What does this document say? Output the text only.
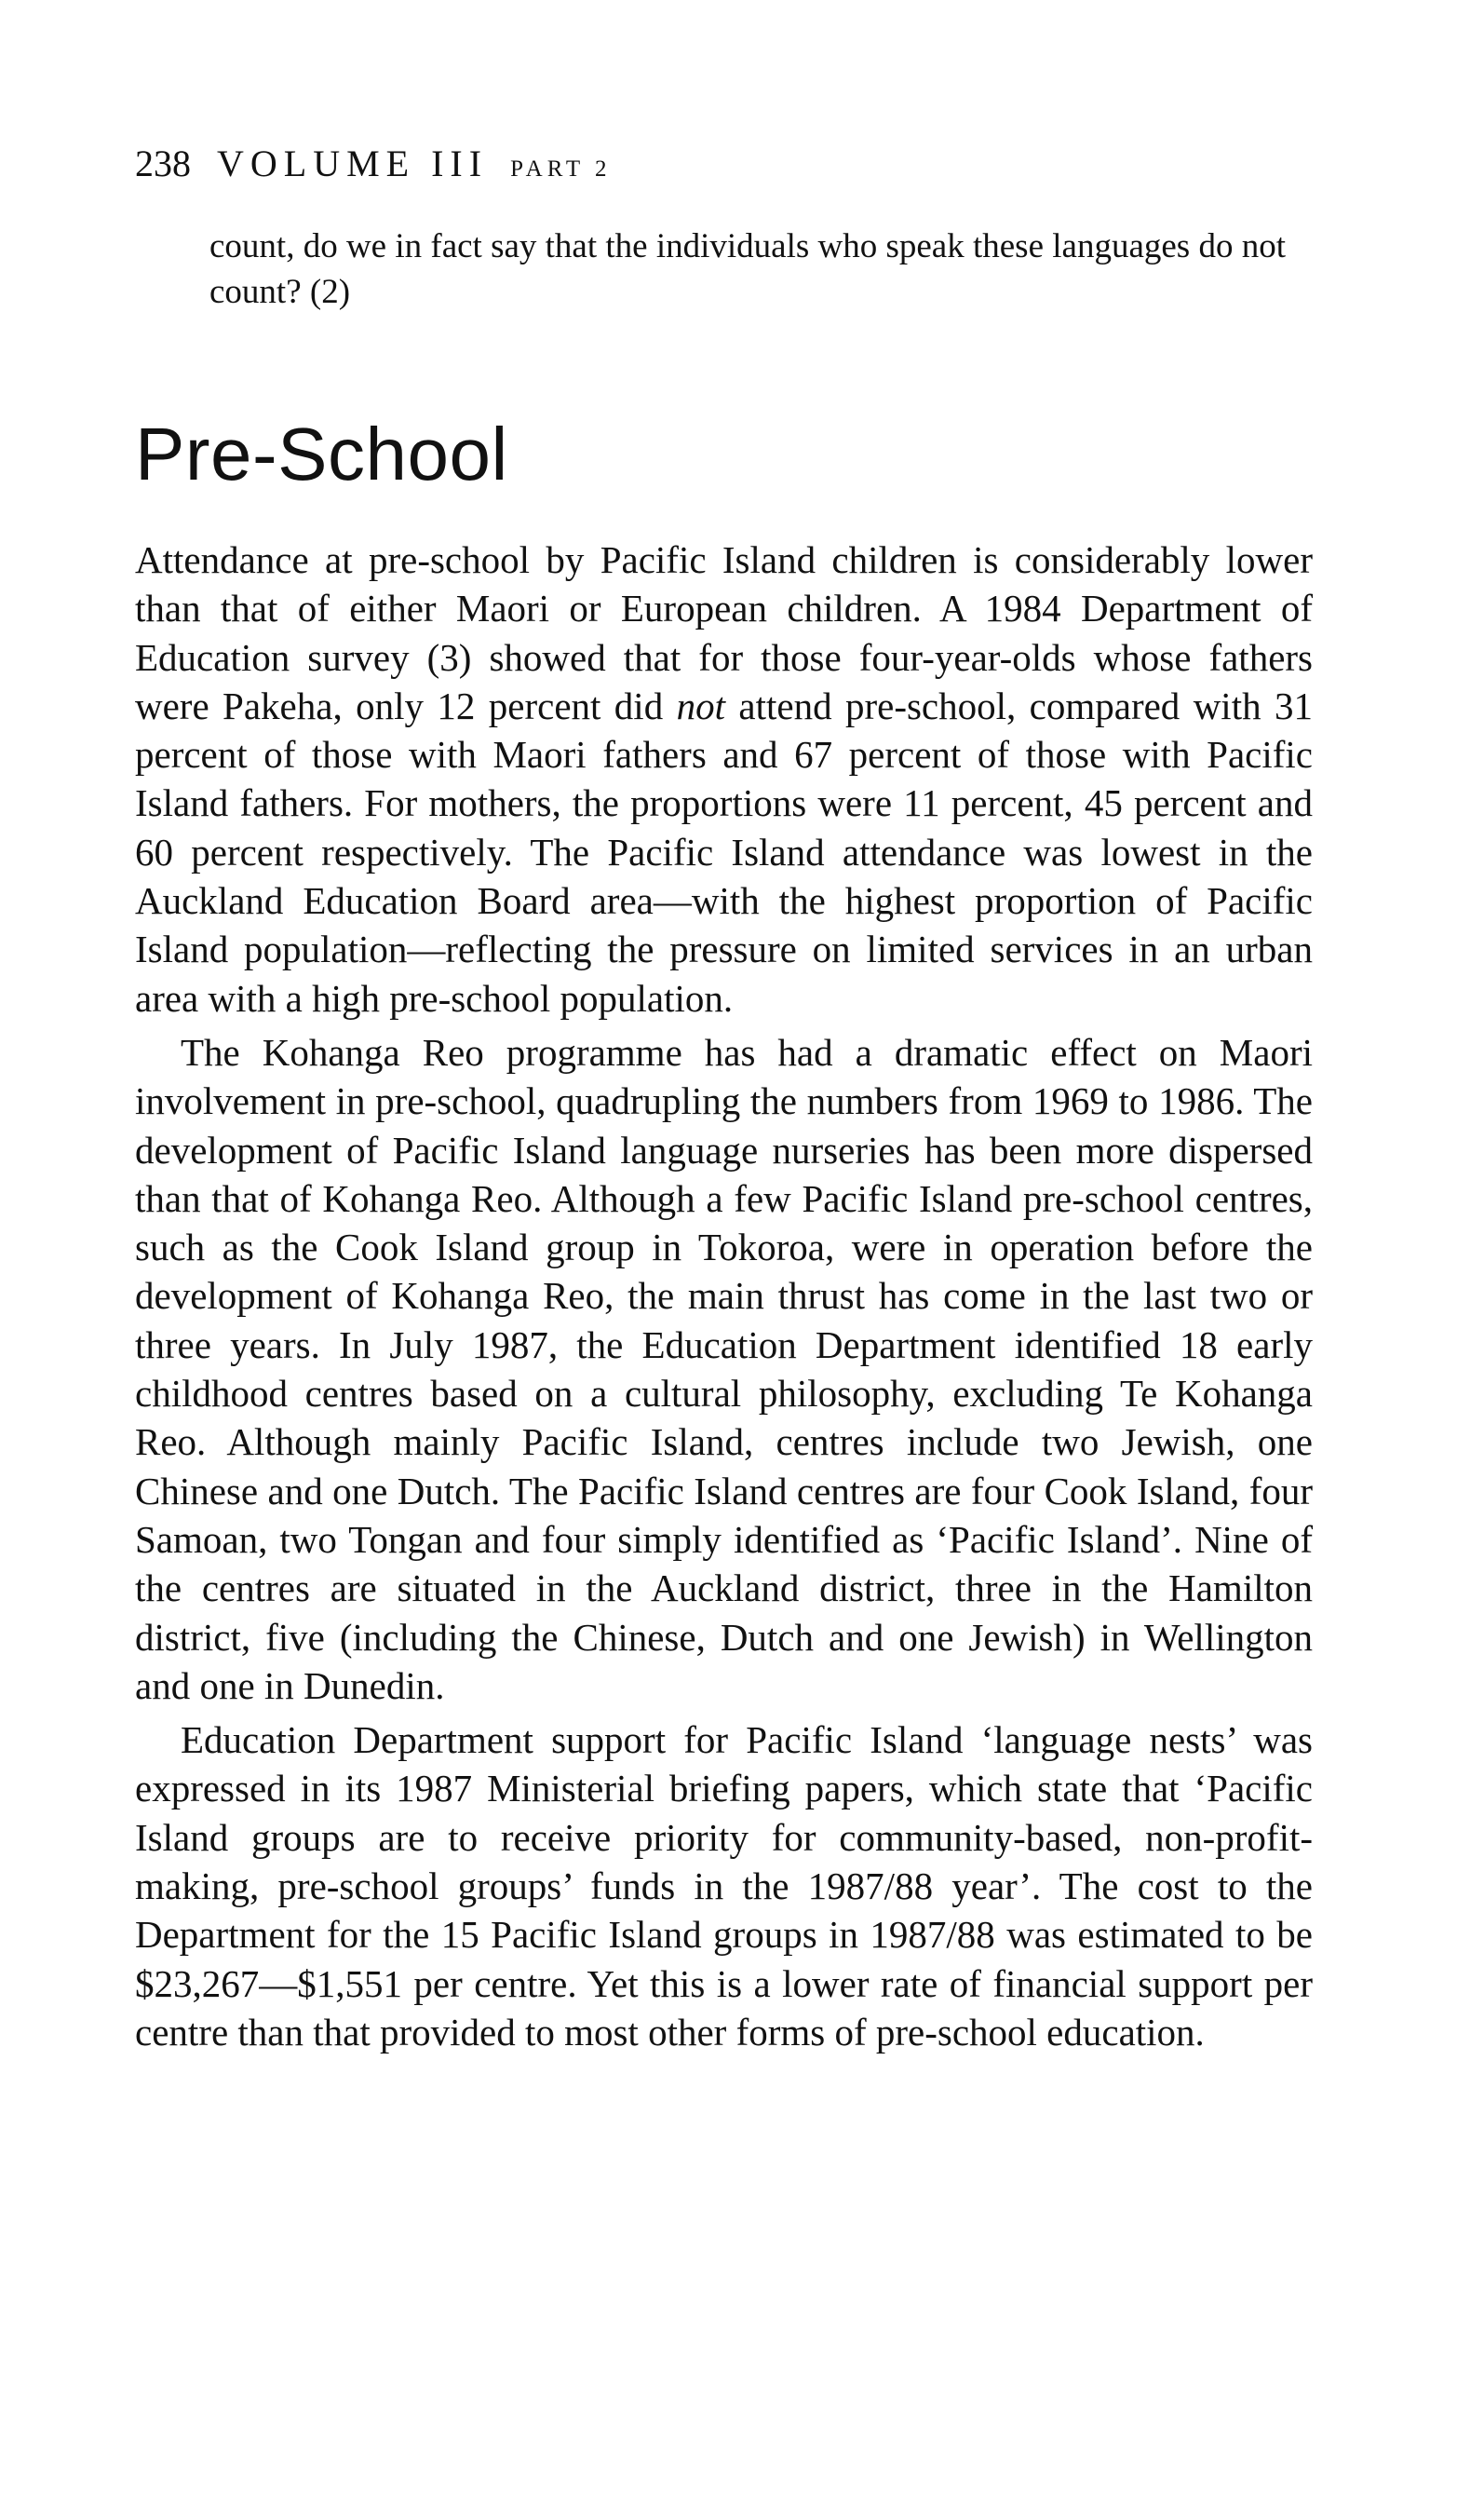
238 VOLUME III PART 2

count, do we in fact say that the individuals who speak these languages do not count? (2)

Pre-School

Attendance at pre-school by Pacific Island children is considerably lower than that of either Maori or European children. A 1984 Department of Education survey (3) showed that for those four-year-olds whose fathers were Pakeha, only 12 percent did not attend pre-school, compared with 31 percent of those with Maori fathers and 67 percent of those with Pacific Island fathers. For mothers, the proportions were 11 percent, 45 percent and 60 percent respectively. The Pacific Island attendance was lowest in the Auckland Education Board area—with the highest proportion of Pacific Island population—reflecting the pressure on limited services in an urban area with a high pre-school population.

The Kohanga Reo programme has had a dramatic effect on Maori involvement in pre-school, quadrupling the numbers from 1969 to 1986. The development of Pacific Island language nurseries has been more dispersed than that of Kohanga Reo. Although a few Pacific Island pre-school centres, such as the Cook Island group in Tokoroa, were in operation before the development of Kohanga Reo, the main thrust has come in the last two or three years. In July 1987, the Education Department identified 18 early childhood centres based on a cultural philosophy, excluding Te Kohanga Reo. Although mainly Pacific Island, centres include two Jewish, one Chinese and one Dutch. The Pacific Island centres are four Cook Island, four Samoan, two Tongan and four simply identified as ‘Pacific Island’. Nine of the centres are situated in the Auckland district, three in the Hamilton district, five (including the Chinese, Dutch and one Jewish) in Wellington and one in Dunedin.

Education Department support for Pacific Island ‘language nests’ was expressed in its 1987 Ministerial briefing papers, which state that ‘Pacific Island groups are to receive priority for community-based, non-profit-making, pre-school groups’ funds in the 1987/88 year’. The cost to the Department for the 15 Pacific Island groups in 1987/88 was estimated to be $23,267—$1,551 per centre. Yet this is a lower rate of financial support per centre than that provided to most other forms of pre-school education.
